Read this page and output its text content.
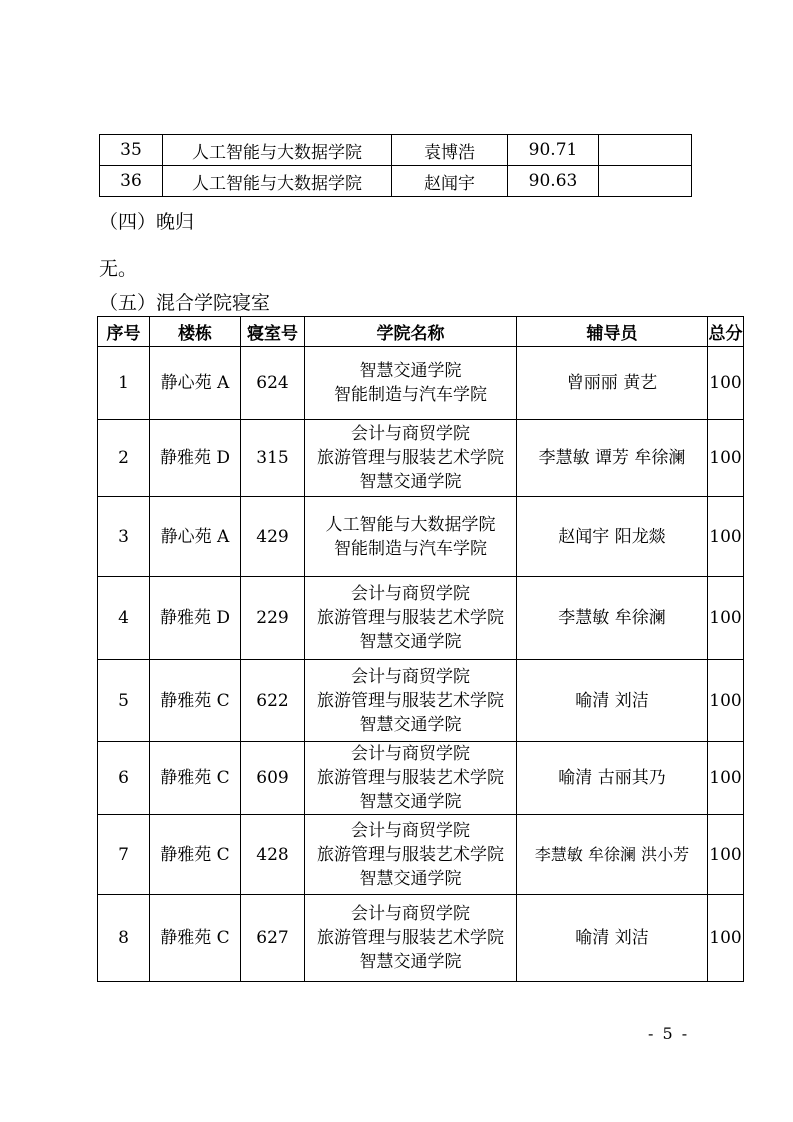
35	人工智能与大数据学院	袁博浩	90.71	
36	人工智能与大数据学院	赵闻宇	90.63	
（四）晚归
无。
（五）混合学院寝室
序号	楼栋	寝室号	学院名称	辅导员	总分
1	静心苑 A	624	智慧交通学院
智能制造与汽车学院	曾丽丽 黄艺	100
2	静雅苑 D	315	会计与商贸学院
旅游管理与服装艺术学院
智慧交通学院	李慧敏 谭芳 牟徐澜	100
3	静心苑 A	429	人工智能与大数据学院
智能制造与汽车学院	赵闻宇 阳龙燚	100
4	静雅苑 D	229	会计与商贸学院
旅游管理与服装艺术学院
智慧交通学院	李慧敏 牟徐澜	100
5	静雅苑 C	622	会计与商贸学院
旅游管理与服装艺术学院
智慧交通学院	喻清 刘洁	100
6	静雅苑 C	609	会计与商贸学院
旅游管理与服装艺术学院
智慧交通学院	喻清 古丽其乃	100
7	静雅苑 C	428	会计与商贸学院
旅游管理与服装艺术学院
智慧交通学院	李慧敏 牟徐澜 洪小芳	100
8	静雅苑 C	627	会计与商贸学院
旅游管理与服装艺术学院
智慧交通学院	喻清 刘洁	100
- 5 -
